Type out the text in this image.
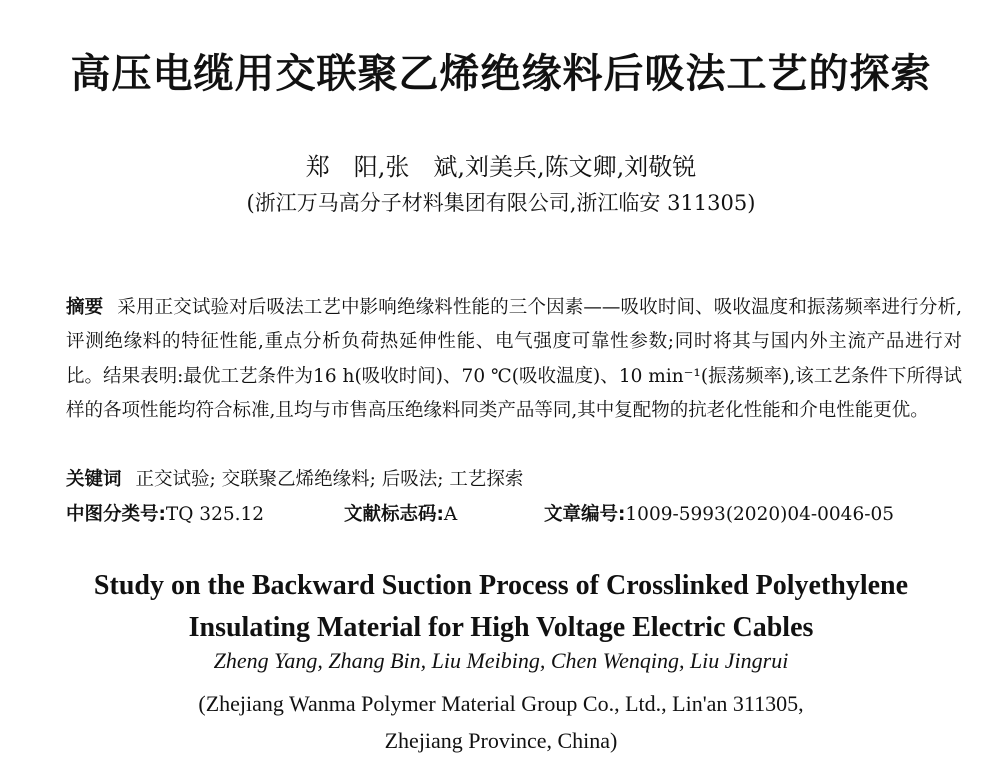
高压电缆用交联聚乙烯绝缘料后吸法工艺的探索
郑　阳,张　斌,刘美兵,陈文卿,刘敬锐
(浙江万马高分子材料集团有限公司,浙江临安 311305)
摘要 采用正交试验对后吸法工艺中影响绝缘料性能的三个因素——吸收时间、吸收温度和振荡频率进行分析,评测绝缘料的特征性能,重点分析负荷热延伸性能、电气强度可靠性参数;同时将其与国内外主流产品进行对比。结果表明:最优工艺条件为16 h(吸收时间)、70 ℃(吸收温度)、10 min⁻¹(振荡频率),该工艺条件下所得试样的各项性能均符合标准,且均与市售高压绝缘料同类产品等同,其中复配物的抗老化性能和介电性能更优。
关键词 正交试验; 交联聚乙烯绝缘料; 后吸法; 工艺探索
中图分类号:TQ 325.12	文献标志码:A	文章编号:1009-5993(2020)04-0046-05
Study on the Backward Suction Process of Crosslinked Polyethylene
Insulating Material for High Voltage Electric Cables
Zheng Yang, Zhang Bin, Liu Meibing, Chen Wenqing, Liu Jingrui
(Zhejiang Wanma Polymer Material Group Co., Ltd., Lin'an 311305,
Zhejiang Province, China)
